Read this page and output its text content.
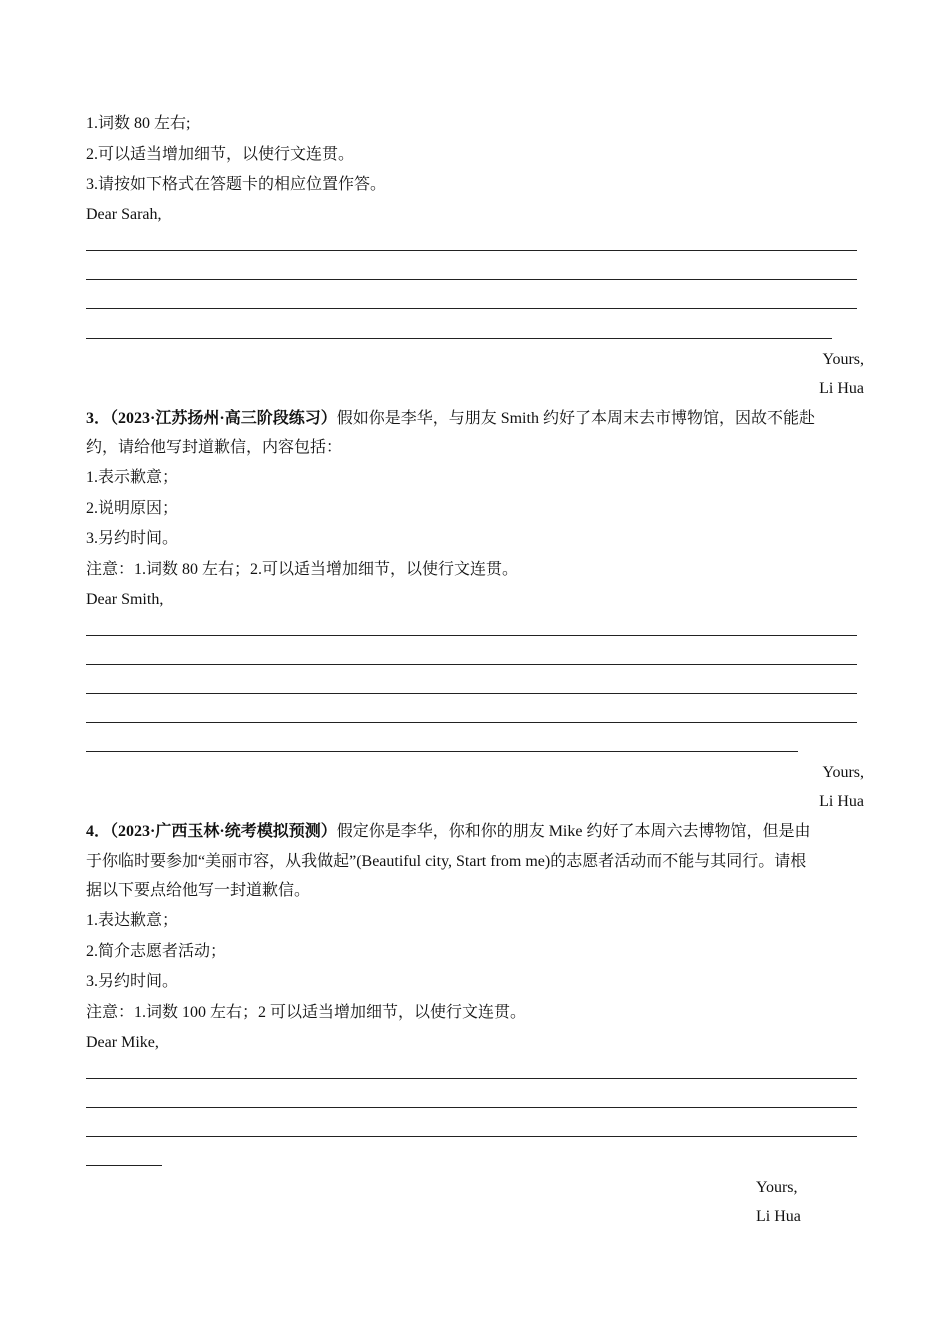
1.词数 80 左右;
2.可以适当增加细节，以使行文连贯。
3.请按如下格式在答题卡的相应位置作答。
Dear Sarah,
Yours,
Li Hua
3．（2023·江苏扬州·高三阶段练习）假如你是李华，与朋友 Smith 约好了本周末去市博物馆，因故不能赴
约，请给他写封道歉信，内容包括：
1.表示歉意；
2.说明原因；
3.另约时间。
注意：1.词数 80 左右；2.可以适当增加细节，以使行文连贯。
Dear Smith,
Yours,
Li Hua
4．（2023·广西玉林·统考模拟预测）假定你是李华，你和你的朋友 Mike 约好了本周六去博物馆，但是由
于你临时要参加“美丽市容，从我做起”(Beautiful city, Start from me)的志愿者活动而不能与其同行。请根
据以下要点给他写一封道歉信。
1.表达歉意；
2.简介志愿者活动；
3.另约时间。
注意：1.词数 100 左右；2 可以适当增加细节，以使行文连贯。
Dear Mike,
Yours,
Li Hua
